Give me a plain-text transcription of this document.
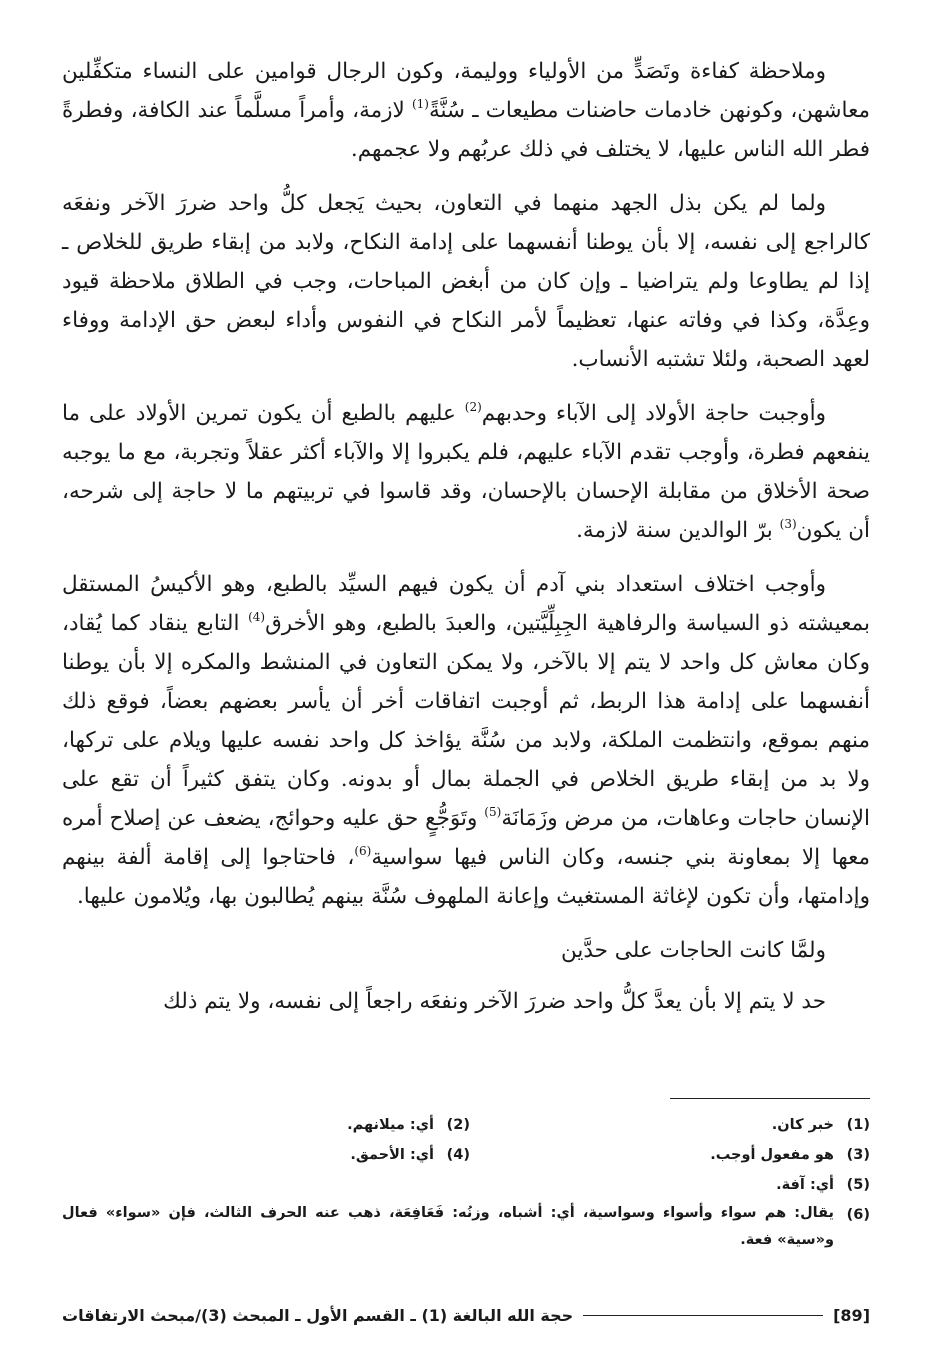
وملاحظة كفاءة وتَصَدٍّ من الأولياء ووليمة، وكون الرجال قوامين على النساء متكفِّلين معاشهن، وكونهن خادمات حاضنات مطيعات ـ سُنَّةً$^{(1)}$ لازمة، وأمراً مسلَّماً عند الكافة، وفطرةً فطر الله الناس عليها، لا يختلف في ذلك عربُهم ولا عجمهم.

ولما لم يكن بذل الجهد منهما في التعاون، بحيث يَجعل كلُّ واحد ضررَ الآخر ونفعَه كالراجع إلى نفسه، إلا بأن يوطنا أنفسهما على إدامة النكاح، ولابد من إبقاء طريق للخلاص ـ إذا لم يطاوعا ولم يتراضيا ـ وإن كان من أبغض المباحات، وجب في الطلاق ملاحظة قيود وعِدَّة، وكذا في وفاته عنها، تعظيماً لأمر النكاح في النفوس وأداء لبعض حق الإدامة ووفاء لعهد الصحبة، ولئلا تشتبه الأنساب.

وأوجبت حاجة الأولاد إلى الآباء وحدبهم$^{(2)}$ عليهم بالطبع أن يكون تمرين الأولاد على ما ينفعهم فطرة، وأوجب تقدم الآباء عليهم، فلم يكبروا إلا والآباء أكثر عقلاً وتجربة، مع ما يوجبه صحة الأخلاق من مقابلة الإحسان بالإحسان، وقد قاسوا في تربيتهم ما لا حاجة إلى شرحه، أن يكون$^{(3)}$ برّ الوالدين سنة لازمة.

وأوجب اختلاف استعداد بني آدم أن يكون فيهم السيِّد بالطبع، وهو الأكيسُ المستقل بمعيشته ذو السياسة والرفاهية الجِبِلِّيَّتين، والعبدَ بالطبع، وهو الأخرق$^{(4)}$ التابع ينقاد كما يُقاد، وكان معاش كل واحد لا يتم إلا بالآخر، ولا يمكن التعاون في المنشط والمكره إلا بأن يوطنا أنفسهما على إدامة هذا الربط، ثم أوجبت اتفاقات أخر أن يأسر بعضهم بعضاً، فوقع ذلك منهم بموقع، وانتظمت الملكة، ولابد من سُنَّة يؤاخذ كل واحد نفسه عليها ويلام على تركها، ولا بد من إبقاء طريق الخلاص في الجملة بمال أو بدونه. وكان يتفق كثيراً أن تقع على الإنسان حاجات وعاهات، من مرض وزَمَانَة$^{(5)}$ وتَوَجُّعٍ حق عليه وحوائج، يضعف عن إصلاح أمره معها إلا بمعاونة بني جنسه، وكان الناس فيها سواسية$^{(6)}$، فاحتاجوا إلى إقامة ألفة بينهم وإدامتها، وأن تكون لإغاثة المستغيث وإعانة الملهوف سُنَّة بينهم يُطالبون بها، ويُلامون عليها.

ولمَّا كانت الحاجات على حدَّين

حد لا يتم إلا بأن يعدَّ كلُّ واحد ضررَ الآخر ونفعَه راجعاً إلى نفسه، ولا يتم ذلك

(1)
خبر كان.
(2)
أي: ميلانهم.
(3)
هو مفعول أوجب.
(4)
أي: الأحمق.
(5)
أي: آفة.
(6)
يقال: هم سواء وأسواء وسواسية، أي: أشباه، وزنُه: فَعَافِعَة، ذهب عنه الحرف الثالث، فإن «سواء» فعال و«سية» فعة.
[89]
حجة الله البالغة (1) ـ القسم الأول ـ المبحث (3)/مبحث الارتفاقات
